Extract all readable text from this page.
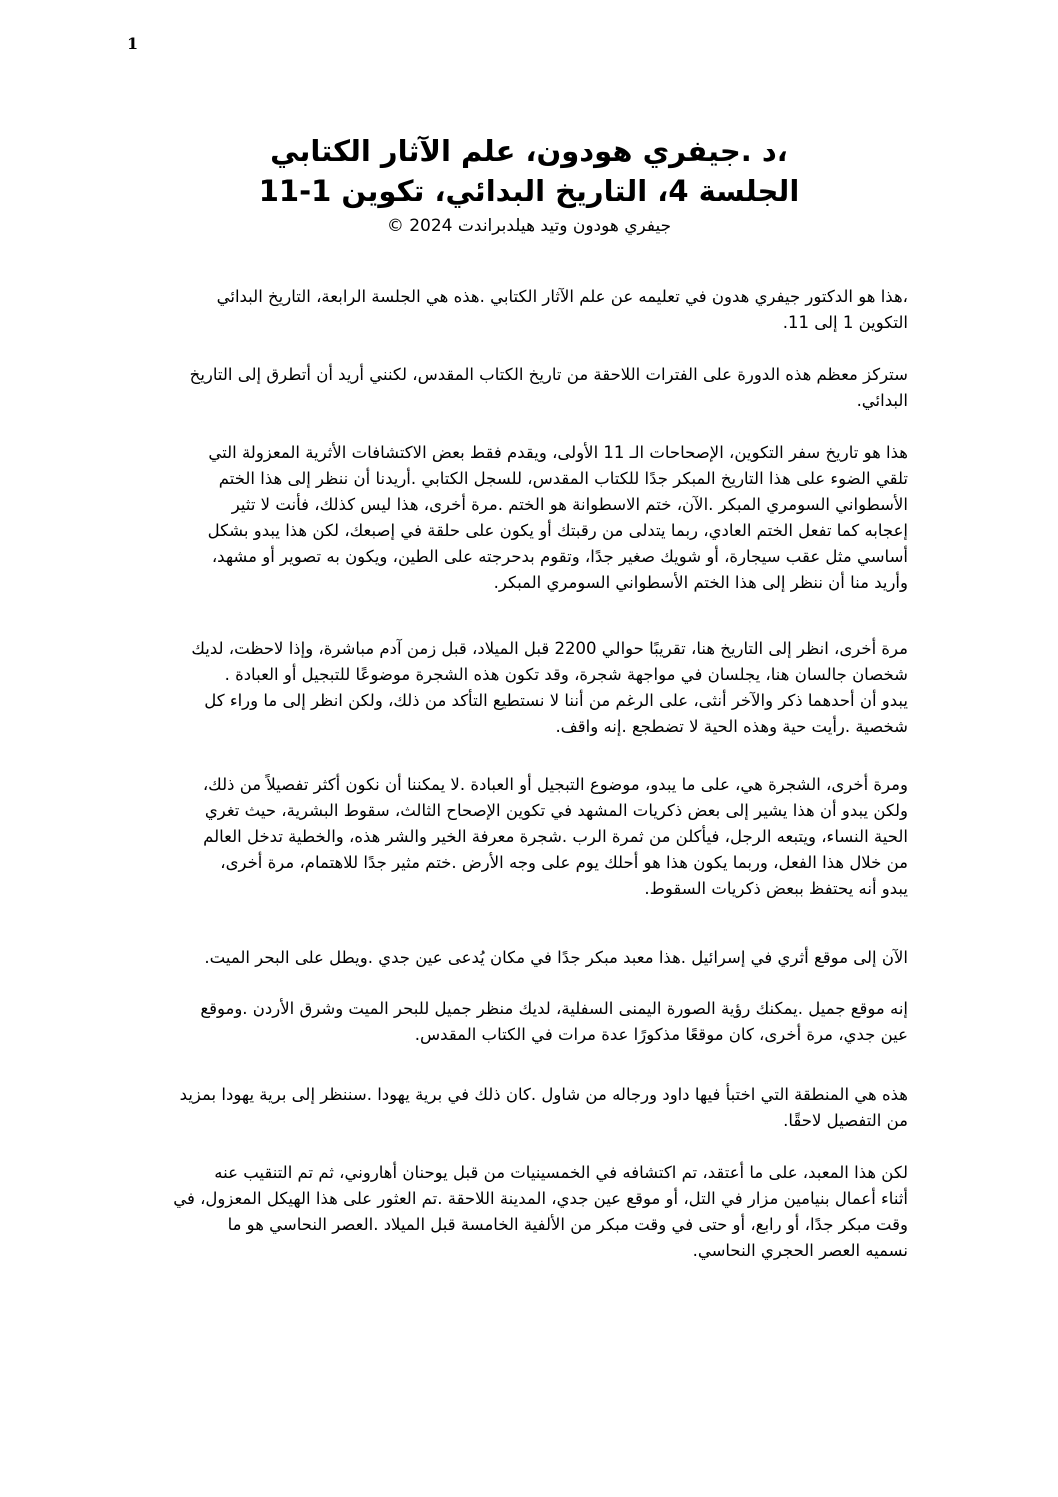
1
،د .جيفري هودون، علم الآثار الكتابي
الجلسة 4، التاريخ البدائي، تكوين 1-11
جيفري هودون وتيد هيلدبراندت 2024 ©
،هذا هو الدكتور جيفري هدون في تعليمه عن علم الآثار الكتابي .هذه هي الجلسة الرابعة، التاريخ البدائي
التكوين 1 إلى 11.
ستركز معظم هذه الدورة على الفترات اللاحقة من تاريخ الكتاب المقدس، لكنني أريد أن أتطرق إلى التاريخ
البدائي.
هذا هو تاريخ سفر التكوين، الإصحاحات الـ 11 الأولى، ويقدم فقط بعض الاكتشافات الأثرية المعزولة التي
تلقي الضوء على هذا التاريخ المبكر جدًا للكتاب المقدس، للسجل الكتابي .أريدنا أن ننظر إلى هذا الختم
الأسطواني السومري المبكر .الآن، ختم الاسطوانة هو الختم .مرة أخرى، هذا ليس كذلك، فأنت لا تثير
إعجابه كما تفعل الختم العادي، ربما يتدلى من رقبتك أو يكون على حلقة في إصبعك، لكن هذا يبدو بشكل
أساسي مثل عقب سيجارة، أو شويك صغير جدًا، وتقوم بدحرجته على الطين، ويكون به تصوير أو مشهد،
وأريد منا أن ننظر إلى هذا الختم الأسطواني السومري المبكر.
مرة أخرى، انظر إلى التاريخ هنا، تقريبًا حوالي 2200 قبل الميلاد، قبل زمن آدم مباشرة، وإذا لاحظت، لديك
شخصان جالسان هنا، يجلسان في مواجهة شجرة، وقد تكون هذه الشجرة موضوعًا للتبجيل أو العبادة .
يبدو أن أحدهما ذكر والآخر أنثى، على الرغم من أننا لا نستطيع التأكد من ذلك، ولكن انظر إلى ما وراء كل
شخصية .رأيت حية وهذه الحية لا تضطجع .إنه واقف.
ومرة أخرى، الشجرة هي، على ما يبدو، موضوع التبجيل أو العبادة .لا يمكننا أن نكون أكثر تفصيلاً من ذلك،
ولكن يبدو أن هذا يشير إلى بعض ذكريات المشهد في تكوين الإصحاح الثالث، سقوط البشرية، حيث تغري
الحية النساء، ويتبعه الرجل، فيأكلن من ثمرة الرب .شجرة معرفة الخير والشر هذه، والخطية تدخل العالم
من خلال هذا الفعل، وربما يكون هذا هو أحلك يوم على وجه الأرض .ختم مثير جدًا للاهتمام، مرة أخرى،
يبدو أنه يحتفظ ببعض ذكريات السقوط.
الآن إلى موقع أثري في إسرائيل .هذا معبد مبكر جدًا في مكان يُدعى عين جدي .ويطل على البحر الميت.
إنه موقع جميل .يمكنك رؤية الصورة اليمنى السفلية، لديك منظر جميل للبحر الميت وشرق الأردن .وموقع
عين جدي، مرة أخرى، كان موقعًا مذكورًا عدة مرات في الكتاب المقدس.
هذه هي المنطقة التي اختبأ فيها داود ورجاله من شاول .كان ذلك في برية يهودا .سننظر إلى برية يهودا بمزيد
من التفصيل لاحقًا.
لكن هذا المعبد، على ما أعتقد، تم اكتشافه في الخمسينيات من قبل يوحنان أهاروني، ثم تم التنقيب عنه
أثناء أعمال بنيامين مزار في التل، أو موقع عين جدي، المدينة اللاحقة .تم العثور على هذا الهيكل المعزول، في
وقت مبكر جدًا، أو رابع، أو حتى في وقت مبكر من الألفية الخامسة قبل الميلاد .العصر النحاسي هو ما
نسميه العصر الحجري النحاسي.
